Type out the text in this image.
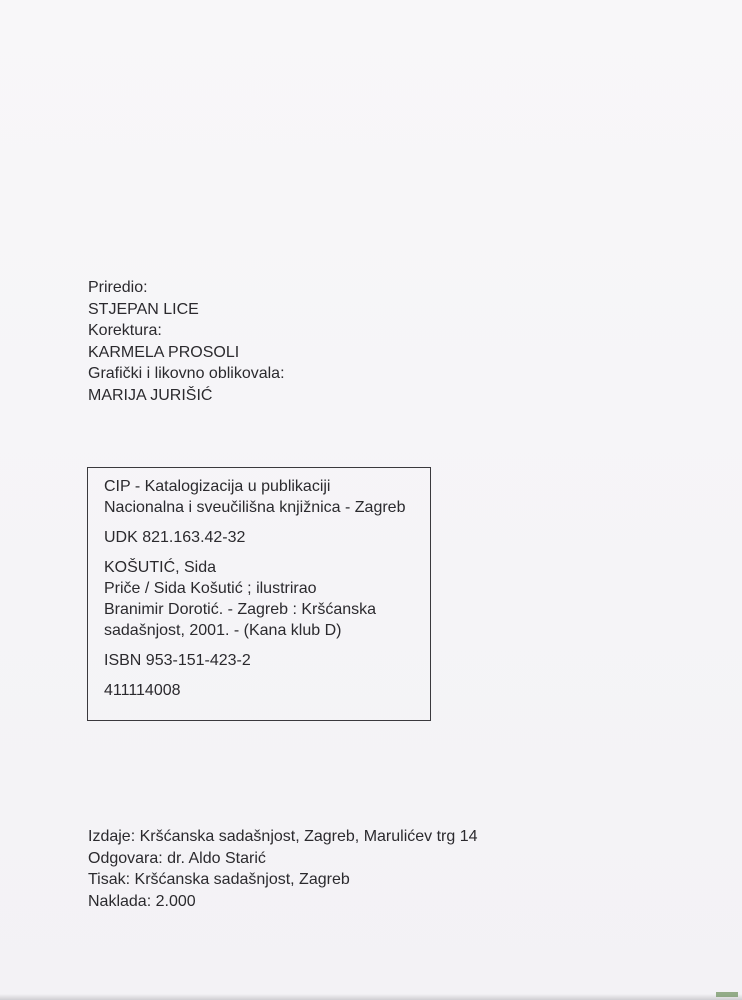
Priredio:
STJEPAN LICE
Korektura:
KARMELA PROSOLI
Grafički i likovno oblikovala:
MARIJA JURIŠIĆ
CIP - Katalogizacija u publikaciji
Nacionalna i sveučilišna knjižnica - Zagreb
UDK 821.163.42-32
KOŠUTIĆ, Sida
Priče / Sida Košutić ; ilustrirao
Branimir Dorotić. - Zagreb : Kršćanska
sadašnjost, 2001. - (Kana klub D)
ISBN 953-151-423-2
411114008
Izdaje: Kršćanska sadašnjost, Zagreb, Marulićev trg 14
Odgovara: dr. Aldo Starić
Tisak: Kršćanska sadašnjost, Zagreb
Naklada: 2.000
